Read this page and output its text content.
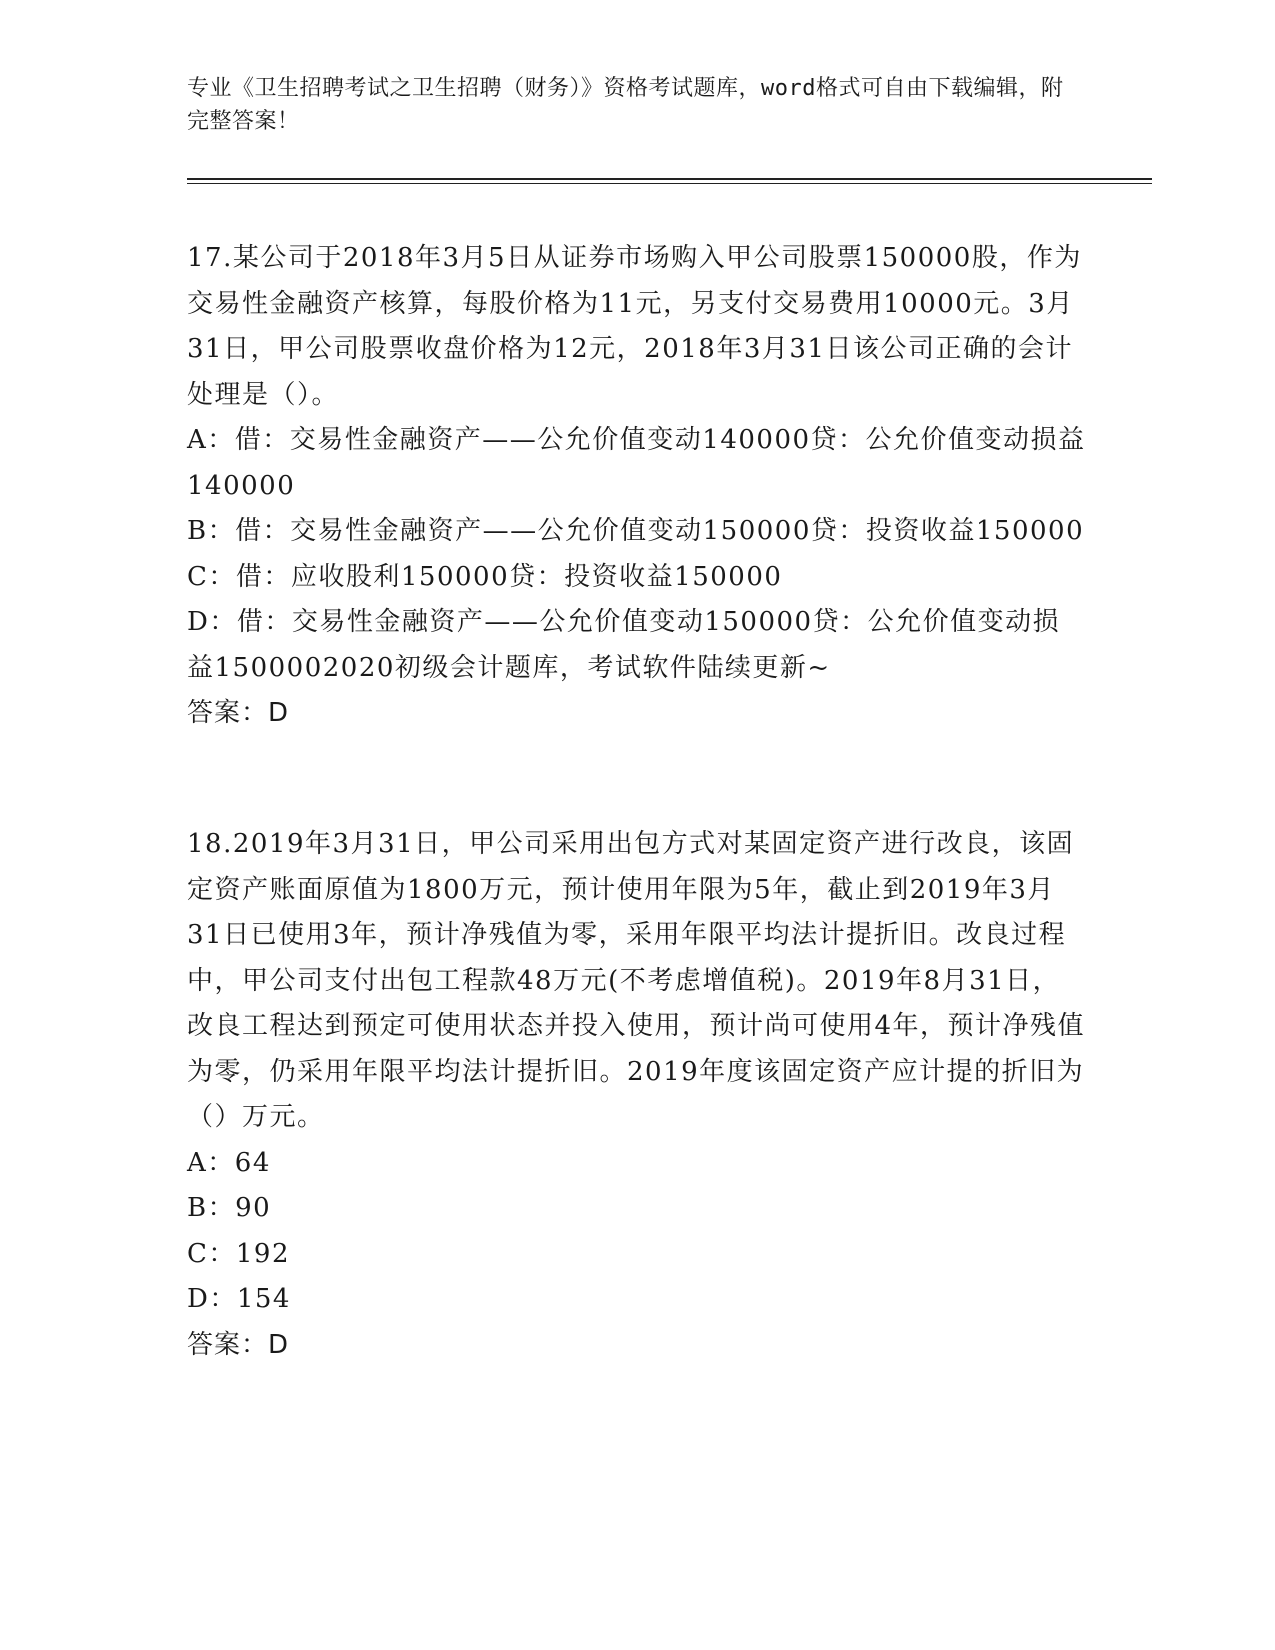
专业《卫生招聘考试之卫生招聘（财务）》资格考试题库，word格式可自由下载编辑，附完整答案！

17.某公司于2018年3月5日从证券市场购入甲公司股票150000股，作为交易性金融资产核算，每股价格为11元，另支付交易费用10000元。3月31日，甲公司股票收盘价格为12元，2018年3月31日该公司正确的会计处理是（）。

A：借：交易性金融资产——公允价值变动140000贷：公允价值变动损益140000

B：借：交易性金融资产——公允价值变动150000贷：投资收益150000

C：借：应收股利150000贷：投资收益150000

D：借：交易性金融资产——公允价值变动150000贷：公允价值变动损益1500002020初级会计题库，考试软件陆续更新~

答案：D

18.2019年3月31日，甲公司采用出包方式对某固定资产进行改良，该固定资产账面原值为1800万元，预计使用年限为5年，截止到2019年3月31日已使用3年，预计净残值为零，采用年限平均法计提折旧。改良过程中，甲公司支付出包工程款48万元(不考虑增值税)。2019年8月31日，改良工程达到预定可使用状态并投入使用，预计尚可使用4年，预计净残值为零，仍采用年限平均法计提折旧。2019年度该固定资产应计提的折旧为（）万元。

A：64

B：90

C：192

D：154

答案：D
